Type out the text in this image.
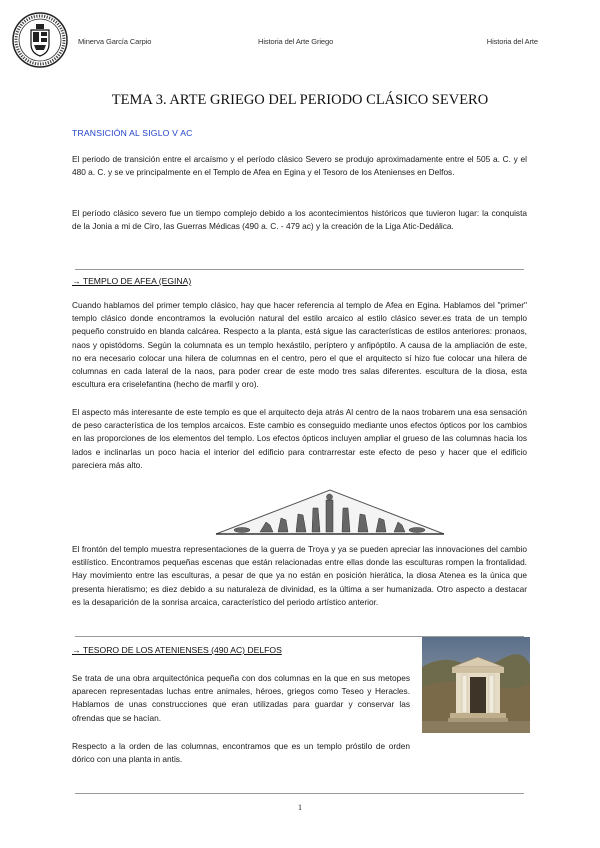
Minerva García Carpio	Historia del Arte Griego	Historia del Arte
TEMA 3. ARTE GRIEGO DEL PERIODO CLÁSICO SEVERO
TRANSICIÓN AL SIGLO V AC

El periodo de transición entre el arcaísmo y el período clásico Severo se produjo aproximadamente entre el 505 a. C. y el 480 a. C. y se ve principalmente en el Templo de Afea en Egina y el Tesoro de los Atenienses en Delfos.

El período clásico severo fue un tiempo complejo debido a los acontecimientos históricos que tuvieron lugar: la conquista de la Jonia a mi de Ciro, las Guerras Médicas (490 a. C. - 479 ac) y la creación de la Liga Atic-Dedálica.

→ TEMPLO DE AFEA (EGINA)

Cuando hablamos del primer templo clásico, hay que hacer referencia al templo de Afea en Egina. Hablamos del "primer" templo clásico donde encontramos la evolución natural del estilo arcaico al estilo clásico sever.es trata de un templo pequeño construido en blanda calcárea. Respecto a la planta, está sigue las características de estilos anteriores: pronaos, naos y opistódoms. Según la columnata es un templo hexástilo, períptero y anfipóptilo. A causa de la ampliación de este, no era necesario colocar una hilera de columnas en el centro, pero el que el arquitecto sí hizo fue colocar una hilera de columnas en cada lateral de la naos, para poder crear de este modo tres salas diferentes. escultura de la diosa, esta escultura era criselefantina (hecho de marfil y oro).

El aspecto más interesante de este templo es que el arquitecto deja atrás Al centro de la naos trobarem una esa sensación de peso característica de los templos arcaicos. Este cambio es conseguido mediante unos efectos ópticos por los cambios en las proporciones de los elementos del templo. Los efectos ópticos incluyen ampliar el grueso de las columnas hacia los lados e inclinarlas un poco hacia el interior del edificio para contrarrestar este efecto de peso y hacer que el edificio pareciera más alto.

El frontón del templo muestra representaciones de la guerra de Troya y ya se pueden apreciar las innovaciones del cambio estilístico. Encontramos pequeñas escenas que están relacionadas entre ellas donde las esculturas rompen la frontalidad. Hay movimiento entre las esculturas, a pesar de que ya no están en posición hierática, la diosa Atenea es la única que presenta hieratismo; es diez debido a su naturaleza de divinidad, es la última a ser humanizada. Otro aspecto a destacar es la desaparición de la sonrisa arcaica, característico del periodo artístico anterior.

→ TESORO DE LOS ATENIENSES (490 AC) DELFOS

Se trata de una obra arquitectónica pequeña con dos columnas en la que en sus metopes aparecen representadas luchas entre animales, héroes, griegos como Teseo y Heracles. Hablamos de unas construcciones que eran utilizadas para guardar y conservar las ofrendas que se hacían.

Respecto a la orden de las columnas, encontramos que es un templo próstilo de orden dórico con una planta in antis.

1
